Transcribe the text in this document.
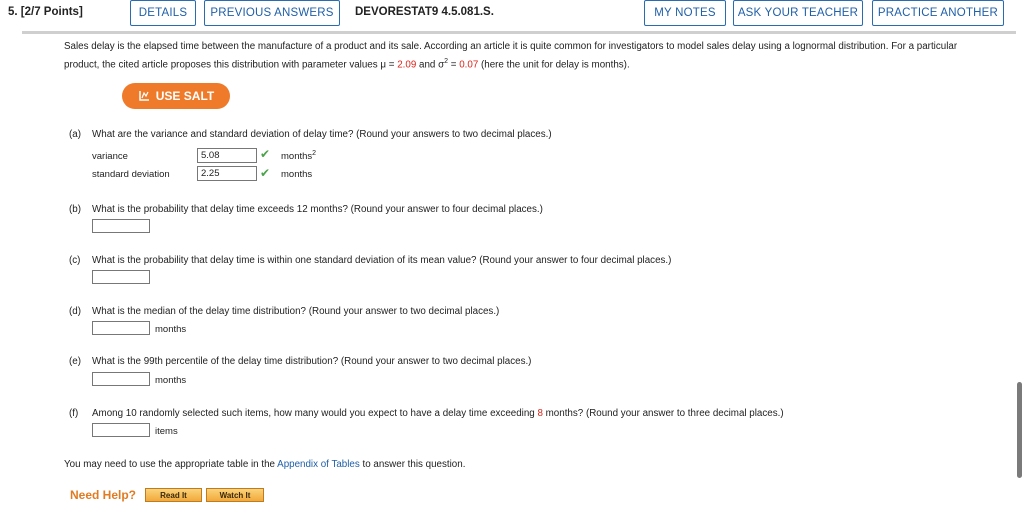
5. [2/7 Points]	DETAILS	PREVIOUS ANSWERS	DEVORESTAT9 4.5.081.S.	MY NOTES	ASK YOUR TEACHER	PRACTICE ANOTHER
Sales delay is the elapsed time between the manufacture of a product and its sale. According an article it is quite common for investigators to model sales delay using a lognormal distribution. For a particular product, the cited article proposes this distribution with parameter values μ = 2.09 and $\sigma^2 = 0.07$ (here the unit for delay is months).
USE SALT
(a) What are the variance and standard deviation of delay time? (Round your answers to two decimal places.)
variance	5.08	✔ months$^2$
standard deviation	2.25	✔ months
(b) What is the probability that delay time exceeds 12 months? (Round your answer to four decimal places.)
(c) What is the probability that delay time is within one standard deviation of its mean value? (Round your answer to four decimal places.)
(d) What is the median of the delay time distribution? (Round your answer to two decimal places.)
months
(e) What is the 99th percentile of the delay time distribution? (Round your answer to two decimal places.)
months
(f) Among 10 randomly selected such items, how many would you expect to have a delay time exceeding 8 months? (Round your answer to three decimal places.)
items
You may need to use the appropriate table in the Appendix of Tables to answer this question.
Need Help?	Read It	Watch It
